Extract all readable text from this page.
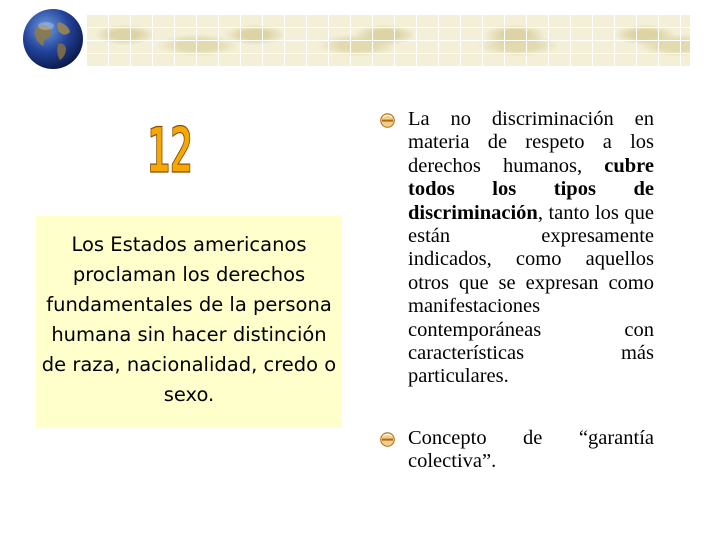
12
Los Estados americanos proclaman los derechos fundamentales de la persona humana sin hacer distinción de raza, nacionalidad, credo o sexo.
La no discriminación en materia de respeto a los derechos humanos, cubre todos los tipos de discriminación, tanto los que están expresamente indicados, como aquellos otros que se expresan como manifestaciones contemporáneas con características más particulares.
Concepto de “garantía colectiva”.
